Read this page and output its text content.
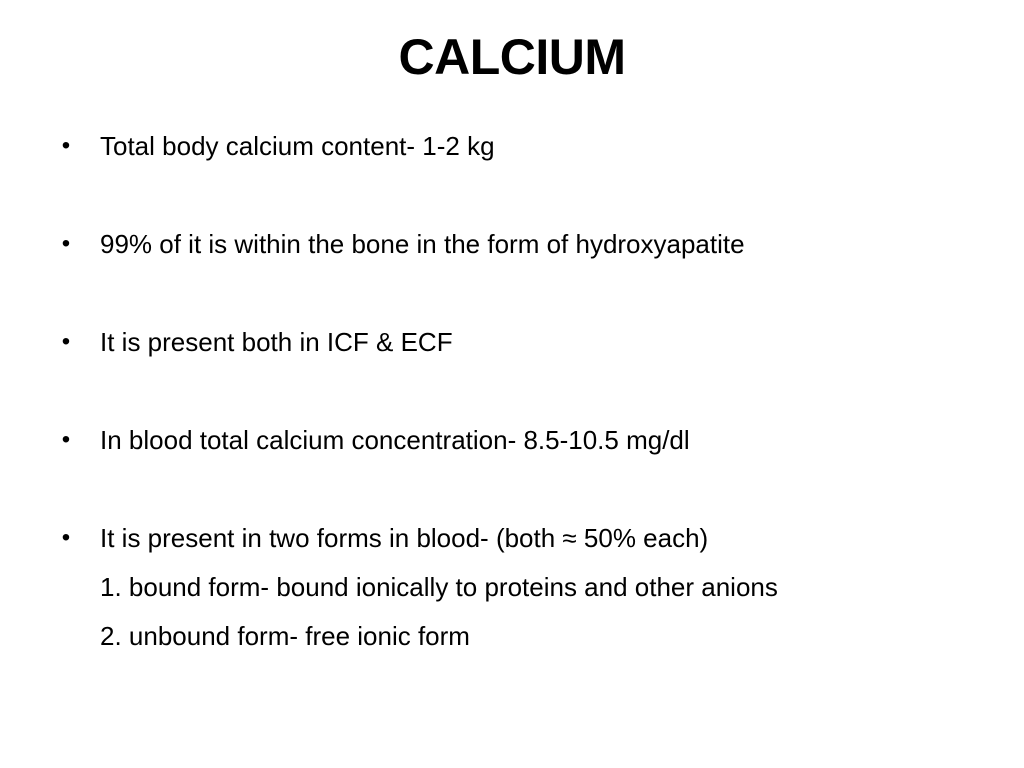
CALCIUM
• Total body calcium content- 1-2 kg
• 99% of it is within the bone in the form of hydroxyapatite
• It is present both in ICF & ECF
• In blood total calcium concentration- 8.5-10.5 mg/dl
• It is present in two forms in blood- (both ≈ 50% each)
1. bound form- bound ionically to proteins and other anions
2. unbound form- free ionic form
